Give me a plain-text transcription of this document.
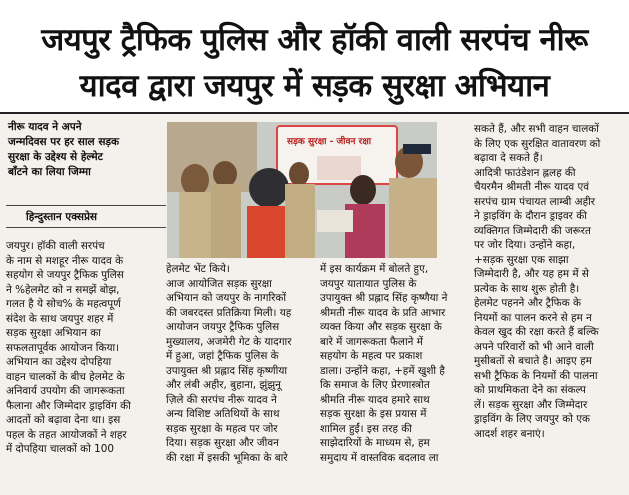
जयपुर ट्रैफिक पुलिस और हॉकी वाली सरपंच नीरू
यादव द्वारा जयपुर में सड़क सुरक्षा अभियान
नीरू यादव ने अपने
जन्मदिवस पर हर साल सड़क
सुरक्षा के उद्देश्य से हेल्मेट
बाँटने का लिया जिम्मा
हिन्दुस्तान एक्सप्रेस
सड़क सुरक्षा - जीवन रक्षा
जयपुर। हॉकी वाली सरपंच
के नाम से मशहूर नीरू यादव के
सहयोग से जयपुर ट्रैफिक पुलिस
ने %हेलमेट को न समझें बोझ,
गलत है ये सोच% के महत्वपूर्ण
संदेश के साथ जयपुर शहर में
सड़क सुरक्षा अभियान का
सफलतापूर्वक आयोजन किया।
अभियान का उद्देश्य दोपहिया
वाहन चालकों के बीच हेलमेट के
अनिवार्य उपयोग की जागरूकता
फैलाना और जिम्मेदार ड्राइविंग की
आदतों को बढ़ावा देना था। इस
पहल के तहत आयोजकों ने शहर
में दोपहिया चालकों को 100
हेलमेट भेंट किये।
आज आयोजित सड़क सुरक्षा
अभियान को जयपुर के नागरिकों
की जबरदस्त प्रतिक्रिया मिली। यह
आयोजन जयपुर ट्रैफिक पुलिस
मुख्यालय, अजमेरी गेट के यादगार
में हुआ, जहां ट्रैफिक पुलिस के
उपायुक्त श्री प्रह्लाद सिंह कृष्णीया
और लंबी अहीर, बुहाना, झुंझुनू
ज़िले की सरपंच नीरू यादव ने
अन्य विशिष्ट अतिथियों के साथ
सड़क सुरक्षा के महत्व पर जोर
दिया। सड़क सुरक्षा और जीवन
की रक्षा में इसकी भूमिका के बारे
में इस कार्यक्रम में बोलते हुए,
जयपुर यातायात पुलिस के
उपायुक्त श्री प्रह्लाद सिंह कृष्णैया ने
श्रीमती नीरू यादव के प्रति आभार
व्यक्त किया और सड़क सुरक्षा के
बारे में जागरूकता फैलाने में
सहयोग के महत्व पर प्रकाश
डाला। उन्होंने कहा, +हमें खुशी है
कि समाज के लिए प्रेरणास्त्रोत
श्रीमति नीरू यादव हमारे साथ
सड़क सुरक्षा के इस प्रयास में
शामिल हुईं। इस तरह की
साझेदारियों के माध्यम से, हम
समुदाय में वास्तविक बदलाव ला
सकते हैं, और सभी वाहन चालकों
के लिए एक सुरक्षित वातावरण को
बढ़ावा दे सकते हैं।
आदित्री फाउंडेशन ह्ललह की
चैयरमैन श्रीमती नीरू यादव एवं
सरपंच ग्राम पंचायत लाम्बी अहीर
ने ड्राइविंग के दौरान ड्राइवर की
व्यक्तिगत जिम्मेदारी की जरूरत
पर जोर दिया। उन्होंने कहा,
+सड़क सुरक्षा एक साझा
जिम्मेदारी है, और यह हम में से
प्रत्येक के साथ शुरू होती है।
हेलमेट पहनने और ट्रैफिक के
नियमों का पालन करने से हम न
केवल खुद की रक्षा करते हैं बल्कि
अपने परिवारों को भी आने वाली
मुसीबतों से बचाते है। आइए हम
सभी ट्रैफिक के नियमों की पालना
को प्राथमिकता देने का संकल्प
लें। सड़क सुरक्षा और जिम्मेदार
ड्राइविंग के लिए जयपुर को एक
आदर्श शहर बनाएं।
